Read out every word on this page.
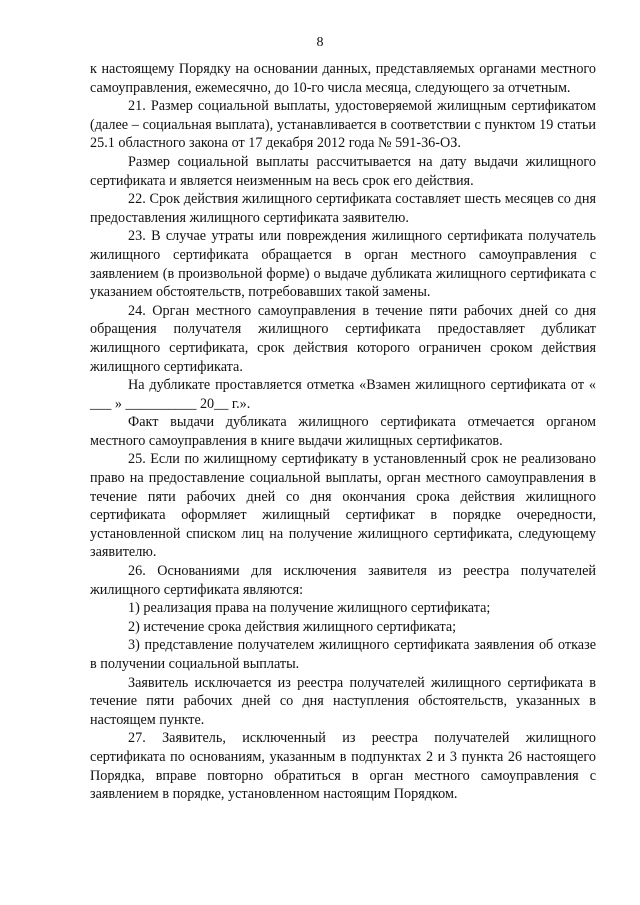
8

к настоящему Порядку на основании данных, представляемых органами местного самоуправления, ежемесячно, до 10-го числа месяца, следующего за отчетным.

21. Размер социальной выплаты, удостоверяемой жилищным сертификатом (далее – социальная выплата), устанавливается в соответствии с пунктом 19 статьи 25.1 областного закона от 17 декабря 2012 года № 591-36-ОЗ.

Размер социальной выплаты рассчитывается на дату выдачи жилищного сертификата и является неизменным на весь срок его действия.

22. Срок действия жилищного сертификата составляет шесть месяцев со дня предоставления жилищного сертификата заявителю.

23. В случае утраты или повреждения жилищного сертификата получатель жилищного сертификата обращается в орган местного самоуправления с заявлением (в произвольной форме) о выдаче дубликата жилищного сертификата с указанием обстоятельств, потребовавших такой замены.

24. Орган местного самоуправления в течение пяти рабочих дней со дня обращения получателя жилищного сертификата предоставляет дубликат жилищного сертификата, срок действия которого ограничен сроком действия жилищного сертификата.

На дубликате проставляется отметка «Взамен жилищного сертификата от « ___ » __________ 20__ г.».

Факт выдачи дубликата жилищного сертификата отмечается органом местного самоуправления в книге выдачи жилищных сертификатов.

25. Если по жилищному сертификату в установленный срок не реализовано право на предоставление социальной выплаты, орган местного самоуправления в течение пяти рабочих дней со дня окончания срока действия жилищного сертификата оформляет жилищный сертификат в порядке очередности, установленной списком лиц на получение жилищного сертификата, следующему заявителю.

26. Основаниями для исключения заявителя из реестра получателей жилищного сертификата являются:

1) реализация права на получение жилищного сертификата;

2) истечение срока действия жилищного сертификата;

3) представление получателем жилищного сертификата заявления об отказе в получении социальной выплаты.

Заявитель исключается из реестра получателей жилищного сертификата в течение пяти рабочих дней со дня наступления обстоятельств, указанных в настоящем пункте.

27. Заявитель, исключенный из реестра получателей жилищного сертификата по основаниям, указанным в подпунктах 2 и 3 пункта 26 настоящего Порядка, вправе повторно обратиться в орган местного самоуправления с заявлением в порядке, установленном настоящим Порядком.
